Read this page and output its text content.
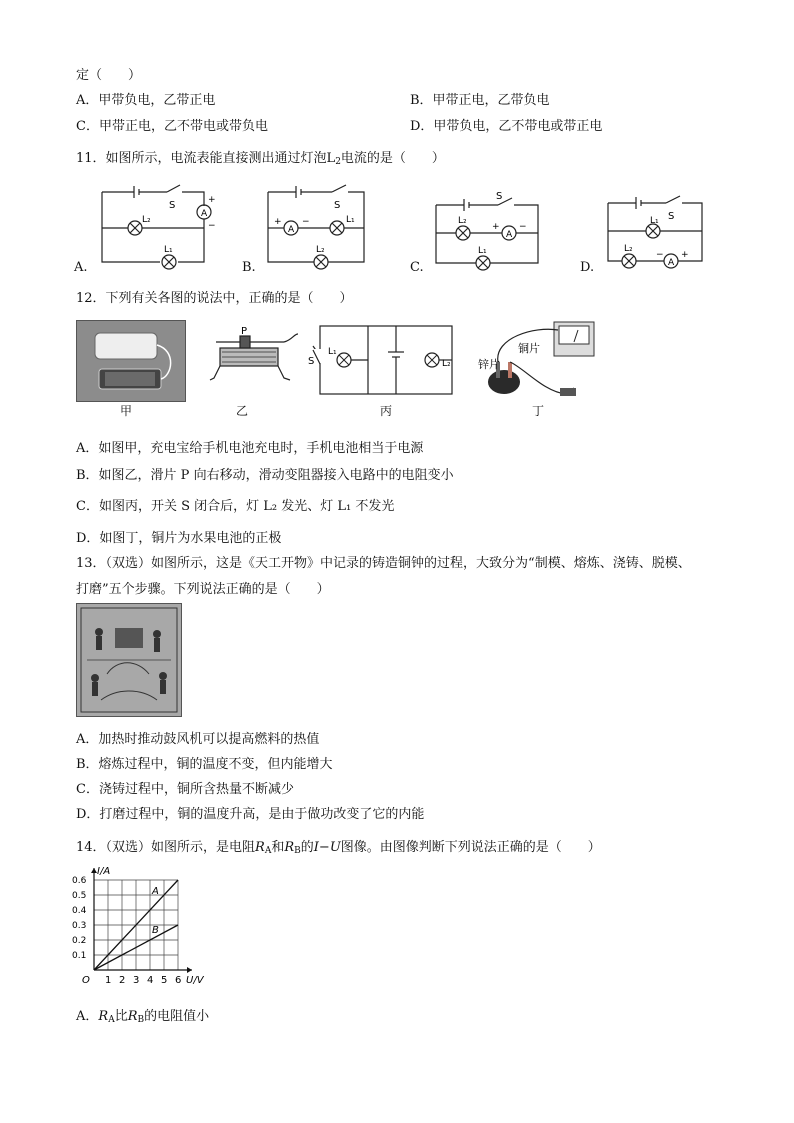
定（　　）
A．甲带负电，乙带正电	B．甲带正电，乙带负电
C．甲带正电，乙不带电或带负电	D．甲带负电，乙不带电或带正电
11．如图所示，电流表能直接测出通过灯泡$L_2$电流的是（　　）
A.
S
A
+
−
L₂
L₁
B.
S
A
+ −	L₁
L₂
C.
S
A
+ −
L₂
L₁
D.
S
A
+
−
L₁
L₂
12．下列有关各图的说法中，正确的是（　　）
甲
P
乙
S
L₁
L₂
丙
锌片
铜片
丁
A．如图甲，充电宝给手机电池充电时，手机电池相当于电源
B．如图乙，滑片 P 向右移动，滑动变阻器接入电路中的电阻变小
C．如图丙，开关 S 闭合后，灯 L₂ 发光、灯 L₁ 不发光
D．如图丁，铜片为水果电池的正极
13．（双选）如图所示，这是《天工开物》中记录的铸造铜钟的过程，大致分为“制模、熔炼、浇铸、脱模、
打磨”五个步骤。下列说法正确的是（　　）
A．加热时推动鼓风机可以提高燃料的热值
B．熔炼过程中，铜的温度不变，但内能增大
C．浇铸过程中，铜所含热量不断减少
D．打磨过程中，铜的温度升高，是由于做功改变了它的内能
14．（双选）如图所示，是电阻$R_A$和$R_B$的I−U图像。由图像判断下列说法正确的是（　　）
1 2 3 4 5 6
0.1
0.2
0.3
0.4
0.5
0.6
O	U/V
I/A
A
B
A．$R_A$比$R_B$的电阻值小
